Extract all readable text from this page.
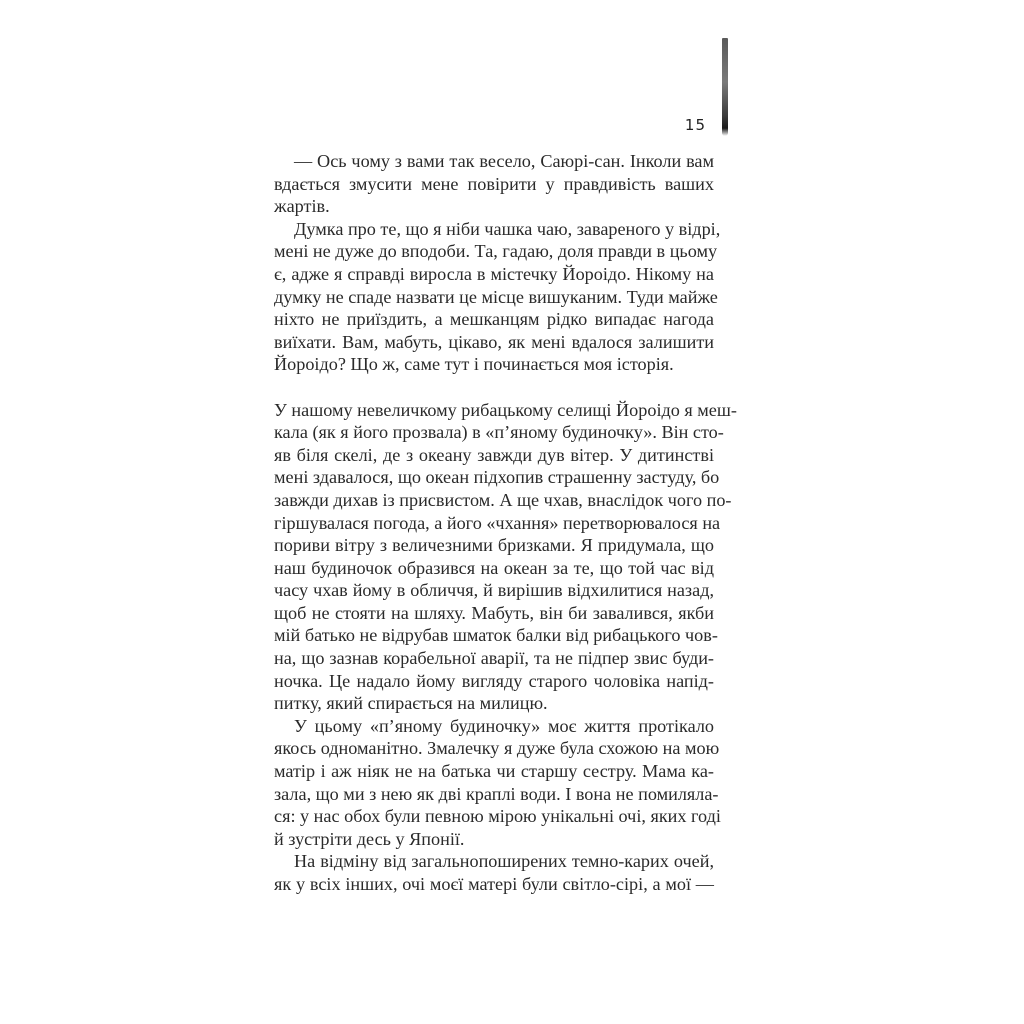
15
— Ось чому з вами так весело, Саюрі-сан. Інколи вам
вдається змусити мене повірити у правдивість ваших
жартів.
Думка про те, що я ніби чашка чаю, завареного у відрі,
мені не дуже до вподоби. Та, гадаю, доля правди в цьому
є, адже я справді виросла в містечку Йороідо. Нікому на
думку не спаде назвати це місце вишуканим. Туди майже
ніхто не приїздить, а мешканцям рідко випадає нагода
виїхати. Вам, мабуть, цікаво, як мені вдалося залишити
Йороідо? Що ж, саме тут і починається моя історія.
У нашому невеличкому рибацькому селищі Йороідо я меш-
кала (як я його прозвала) в «п’яному будиночку». Він сто-
яв біля скелі, де з океану завжди дув вітер. У дитинстві
мені здавалося, що океан підхопив страшенну застуду, бо
завжди дихав із присвистом. А ще чхав, внаслідок чого по-
гіршувалася погода, а його «чхання» перетворювалося на
пориви вітру з величезними бризками. Я придумала, що
наш будиночок образився на океан за те, що той час від
часу чхав йому в обличчя, й вирішив відхилитися назад,
щоб не стояти на шляху. Мабуть, він би завалився, якби
мій батько не відрубав шматок балки від рибацького чов-
на, що зазнав корабельної аварії, та не підпер звис буди-
ночка. Це надало йому вигляду старого чоловіка напід-
питку, який спирається на милицю.
У цьому «п’яному будиночку» моє життя протікало
якось одноманітно. Змалечку я дуже була схожою на мою
матір і аж ніяк не на батька чи старшу сестру. Мама ка-
зала, що ми з нею як дві краплі води. І вона не помиляла-
ся: у нас обох були певною мірою унікальні очі, яких годі
й зустріти десь у Японії.
На відміну від загальнопоширених темно-карих очей,
як у всіх інших, очі моєї матері були світло-сірі, а мої —
